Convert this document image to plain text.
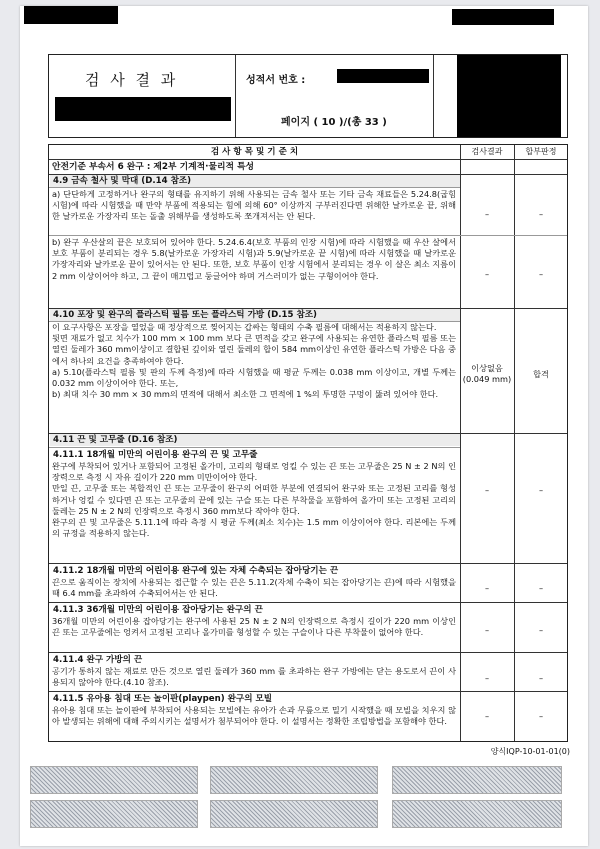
검 사 결 과	성적서 번호 :
페이지 ( 10 )/(총 33 )
검 사 항 목 및 기 준 치	검사결과	합부판정
안전기준 부속서 6 완구 : 제2부 기계적·물리적 특성
4.9 금속 철사 및 막대 (D.14 참조)
a) 단단하게 고정하거나 완구의 형태를 유지하기 위해 사용되는 금속 철사 또는 기타 금속 재료들은 5.24.8(굽힘 시험)에 따라 시험했을 때 만약 부품에 적용되는 힘에 의해 60° 이상까지 구부러진다면 위해한 날카로운 끝, 위해한 날카로운 가장자리 또는 돌출 위해부를 생성하도록 쪼개져서는 안 된다.	–	–
b) 완구 우산살의 끝은 보호되어 있어야 한다. 5.24.6.4(보호 부품의 인장 시험)에 따라 시험했을 때 우산 살에서 보호 부품이 분리되는 경우 5.8(날카로운 가장자리 시험)과 5.9(날카로운 끝 시험)에 따라 시험했을 때 날카로운 가장자리와 날카로운 끝이 있어서는 안 된다. 또한, 보호 부품이 인장 시험에서 분리되는 경우 이 살은 최소 지름이 2 mm 이상이어야 하고, 그 끝이 매끄럽고 둥글어야 하며 거스러미가 없는 구형이어야 한다.	–	–
4.10 포장 및 완구의 플라스틱 필름 또는 플라스틱 가방 (D.15 참조)
이 요구사항은 포장을 열었을 때 정상적으로 찢어지는 갑싸는 형태의 수축 필름에 대해서는 적용하지 않는다.
뒷면 재료가 없고 치수가 100 mm × 100 mm 보다 큰 면적을 갖고 완구에 사용되는 유연한 플라스틱 필름 또는 열린 둘레가 360 mm이상이고 결합된 깊이와 열린 둘레의 합이 584 mm이상인 유연한 플라스틱 가방은 다음 중에서 하나의 요건을 충족하여야 한다.
a) 5.10(플라스틱 필름 및 판의 두께 측정)에 따라 시험했을 때 평균 두께는 0.038 mm 이상이고, 개별 두께는 0.032 mm 이상이어야 한다. 또는,
b) 최대 치수 30 mm × 30 mm의 면적에 대해서 최소한 그 면적에 1 %의 투명한 구멍이 뚫려 있어야 한다.
이상없음 (0.049 mm)	합격
4.11 끈 및 고무줄 (D.16 참조)
4.11.1 18개월 미만의 어린이용 완구의 끈 및 고무줄
완구에 부착되어 있거나 포함되어 고정된 올가미, 고리의 형태로 엉킬 수 있는 끈 또는 고무줄은 25 N ± 2 N의 인장력으로 측정 시 자유 길이가 220 mm 미만이어야 한다.
만일 끈, 고무줄 또는 복합적인 끈 또는 고무줄이 완구의 어떠한 부분에 연결되어 완구와 또는 고정된 고리를 형성하거나 엉킬 수 있다면 끈 또는 고무줄의 끝에 있는 구슬 또는 다른 부착물을 포함하여 올가미 또는 고정된 고리의 둘레는 25 N ± 2 N의 인장력으로 측정시 360 mm보다 작아야 한다.
완구의 끈 및 고무줄은 5.11.1에 따라 측정 시 평균 두께(최소 치수)는 1.5 mm 이상이어야 한다. 리본에는 두께의 규정을 적용하지 않는다.
–	–
4.11.2 18개월 미만의 어린이용 완구에 있는 자체 수축되는 잡아당기는 끈
끈으로 움직이는 장치에 사용되는 접근할 수 있는 끈은 5.11.2(자체 수축이 되는 잡아당기는 끈)에 따라 시험했을 때 6.4 mm를 초과하여 수축되어서는 안 된다.
–	–
4.11.3 36개월 미만의 어린이용 잡아당기는 완구의 끈
36개월 미만의 어린이용 잡아당기는 완구에 사용된 25 N ± 2 N의 인장력으로 측정시 길이가 220 mm 이상인 끈 또는 고무줄에는 엉켜서 고정된 고리나 올가미를 형성할 수 있는 구슬이나 다른 부착물이 없어야 한다.	–	–
4.11.4 완구 가방의 끈
공기가 통하지 않는 재료로 만든 것으로 열린 둘레가 360 mm 를 초과하는 완구 가방에는 닫는 용도로서 끈이 사용되지 않아야 한다.(4.10 참조).	–	–
4.11.5 유아용 침대 또는 놀이판(playpen) 완구의 모빌
유아용 침대 또는 놀이판에 부착되어 사용되는 모빌에는 유아가 손과 무릎으로 밀기 시작했을 때 모빌을 치우지 않아 발생되는 위해에 대해 주의시키는 설명서가 첨부되어야 한다. 이 설명서는 정확한 조립방법을 포함해야 한다.
–	–
양식IQP-10-01-01(0)
